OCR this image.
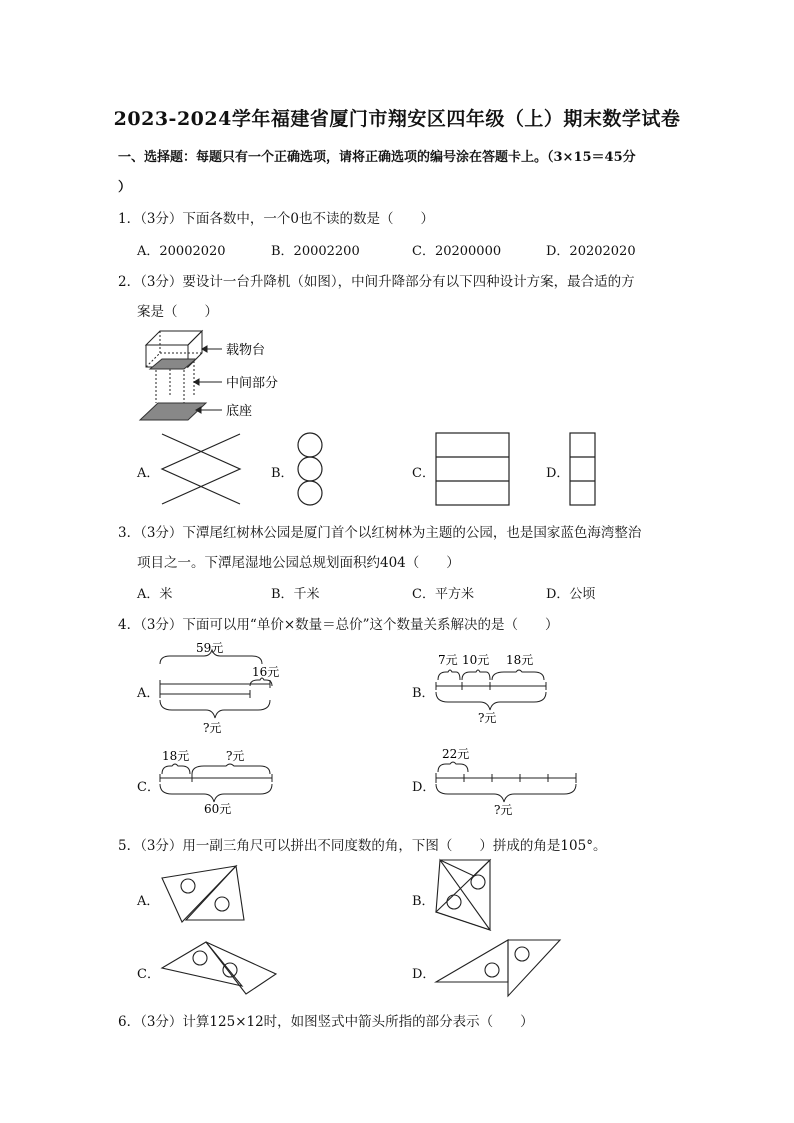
2023-2024学年福建省厦门市翔安区四年级（上）期末数学试卷
一、选择题：每题只有一个正确选项，请将正确选项的编号涂在答题卡上。（3×15＝45分
）
1．（3分）下面各数中，一个0也不读的数是（　　）
A．20002020	B．20002200	C．20200000	D．20202020
2．（3分）要设计一台升降机（如图），中间升降部分有以下四种设计方案，最合适的方
案是（　　）
载物台
中间部分
底座
A．	B．	C．	D．
3．（3分）下潭尾红树林公园是厦门首个以红树林为主题的公园，也是国家蓝色海湾整治
项目之一。下潭尾湿地公园总规划面积约404（　　）
A．米	B．千米	C．平方米	D．公顷
4．（3分）下面可以用“单价×数量＝总价”这个数量关系解决的是（　　）
A．
59元
16元
?元
B．
7元 10元 18元
?元
C．
18元	?元
60元
D．
22元
?元
5．（3分）用一副三角尺可以拼出不同度数的角，下图（　　）拼成的角是105°。
A．	B．
C．	D．
6．（3分）计算125×12时，如图竖式中箭头所指的部分表示（　　）
